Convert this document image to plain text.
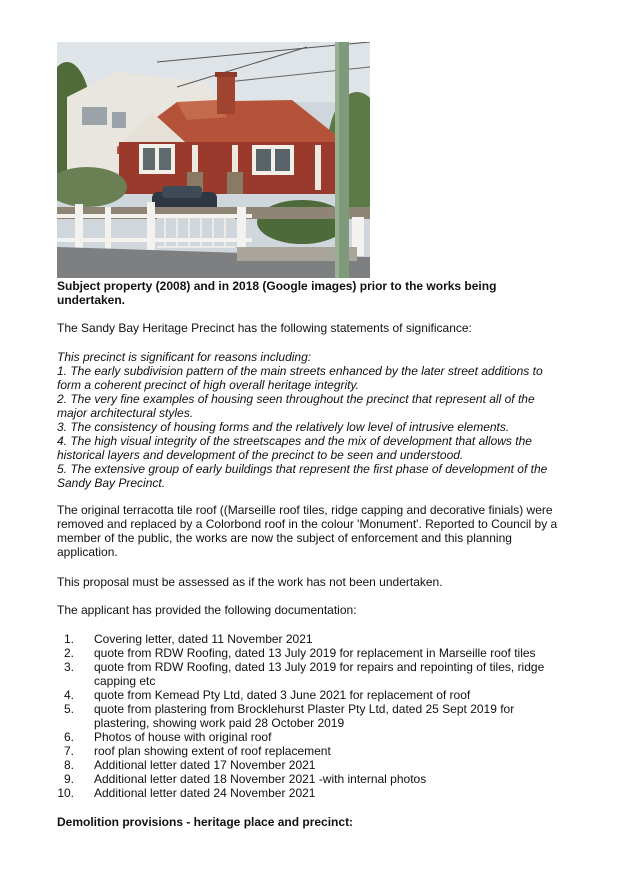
Subject property (2008) and in 2018 (Google images) prior to the works being undertaken.
The Sandy Bay Heritage Precinct has the following statements of significance:
This precinct is significant for reasons including:
1. The early subdivision pattern of the main streets enhanced by the later street additions to
form a coherent precinct of high overall heritage integrity.
2. The very fine examples of housing seen throughout the precinct that represent all of the
major architectural styles.
3. The consistency of housing forms and the relatively low level of intrusive elements.
4. The high visual integrity of the streetscapes and the mix of development that allows the
historical layers and development of the precinct to be seen and understood.
5. The extensive group of early buildings that represent the first phase of development of the
Sandy Bay Precinct.
The original terracotta tile roof ((Marseille roof tiles, ridge capping and decorative finials) were
removed and replaced by a Colorbond roof in the colour 'Monument'. Reported to Council by a
member of the public, the works are now the subject of enforcement and this planning
application.
This proposal must be assessed as if the work has not been undertaken.
The applicant has provided the following documentation:
1. Covering letter, dated 11 November 2021
2. quote from RDW Roofing, dated 13 July 2019 for replacement in Marseille roof tiles
3. quote from RDW Roofing, dated 13 July 2019 for repairs and repointing of tiles, ridge
capping etc
4. quote from Kemead Pty Ltd, dated 3 June 2021 for replacement of roof
5. quote from plastering from Brocklehurst Plaster Pty Ltd, dated 25 Sept 2019 for
plastering, showing work paid 28 October 2019
6. Photos of house with original roof
7. roof plan showing extent of roof replacement
8. Additional letter dated 17 November 2021
9. Additional letter dated 18 November 2021 -with internal photos
10. Additional letter dated 24 November 2021
Demolition provisions - heritage place and precinct:
